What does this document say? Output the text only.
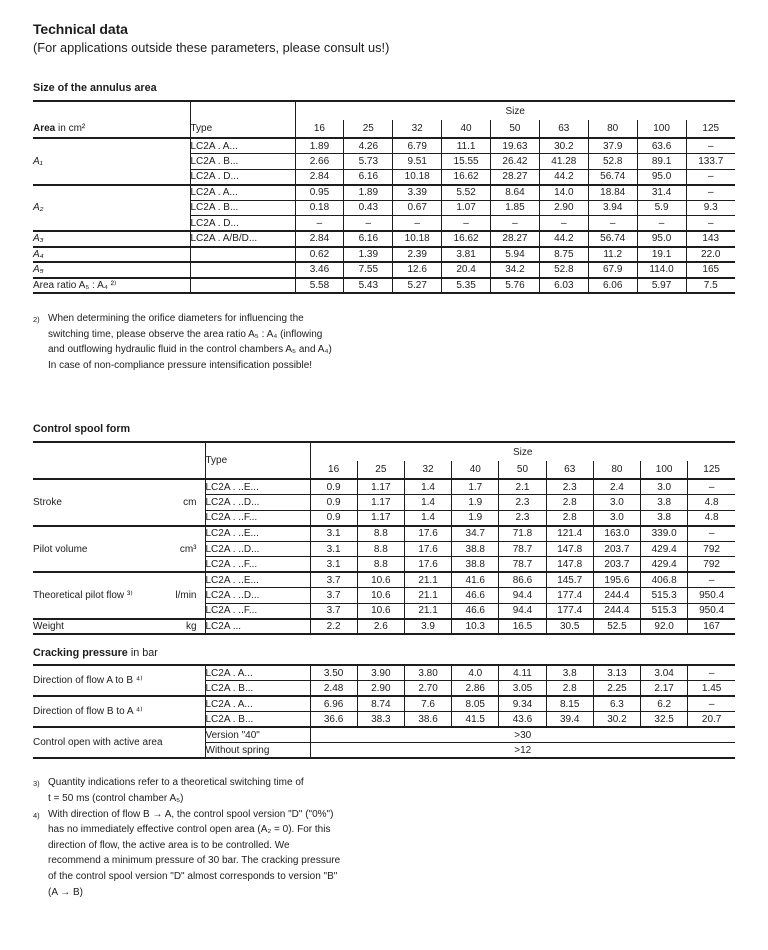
Technical data

(For applications outside these parameters, please consult us!)

Size of the annulus area
		Size								
Area in cm²	Type	16	25	32	40	50	63	80	100	125
A₁	LC2A . A...	1.89	4.26	6.79	11.1	19.63	30.2	37.9	63.6	–
	LC2A . B...	2.66	5.73	9.51	15.55	26.42	41.28	52.8	89.1	133.7
	LC2A . D...	2.84	6.16	10.18	16.62	28.27	44.2	56.74	95.0	–
A₂	LC2A . A...	0.95	1.89	3.39	5.52	8.64	14.0	18.84	31.4	–
	LC2A . B...	0.18	0.43	0.67	1.07	1.85	2.90	3.94	5.9	9.3
	LC2A . D...	–	–	–	–	–	–	–	–	–
A₃	LC2A . A/B/D...	2.84	6.16	10.18	16.62	28.27	44.2	56.74	95.0	143
A₄		0.62	1.39	2.39	3.81	5.94	8.75	11.2	19.1	22.0
A₅		3.46	7.55	12.6	20.4	34.2	52.8	67.9	114.0	165
Area ratio A₅ : A₄ ²⁾		5.58	5.43	5.27	5.35	5.76	6.03	6.06	5.97	7.5
2) When determining the orifice diameters for influencing the
switching time, please observe the area ratio A₅ : A₄ (inflowing
and outflowing hydraulic fluid in the control chambers A₅ and A₄)
In case of non-compliance pressure intensification possible!
Control spool form
	Type	Size								
		16	25	32	40	50	63	80	100	125

Stroke cm	LC2A . ..E...	0.9	1.17	1.4	1.7	2.1	2.3	2.4	3.0	–
	LC2A . ..D...	0.9	1.17	1.4	1.9	2.3	2.8	3.0	3.8	4.8
	LC2A . ..F...	0.9	1.17	1.4	1.9	2.3	2.8	3.0	3.8	4.8

Pilot volume cm³	LC2A . ..E...	3.1	8.8	17.6	34.7	71.8	121.4	163.0	339.0	–
	LC2A . ..D...	3.1	8.8	17.6	38.8	78.7	147.8	203.7	429.4	792
	LC2A . ..F...	3.1	8.8	17.6	38.8	78.7	147.8	203.7	429.4	792

Theoretical pilot flow ³⁾ l/min	LC2A . ..E...	3.7	10.6	21.1	41.6	86.6	145.7	195.6	406.8	–
	LC2A . ..D...	3.7	10.6	21.1	46.6	94.4	177.4	244.4	515.3	950.4
	LC2A . ..F...	3.7	10.6	21.1	46.6	94.4	177.4	244.4	515.3	950.4

Weight kg	LC2A ...	2.2	2.6	3.9	10.3	16.5	30.5	52.5	92.0	167
Cracking pressure in bar
Direction of flow A to B ⁴⁾	LC2A . A...	3.50	3.90	3.80	4.0	4.11	3.8	3.13	3.04	–
	LC2A . B...	2.48	2.90	2.70	2.86	3.05	2.8	2.25	2.17	1.45
Direction of flow B to A ⁴⁾	LC2A . A...	6.96	8.74	7.6	8.05	9.34	8.15	6.3	6.2	–
	LC2A . B...	36.6	38.3	38.6	41.5	43.6	39.4	30.2	32.5	20.7
Control open with active area	Version "40"	>30								
	Without spring	>12								
3) Quantity indications refer to a theoretical switching time of
t = 50 ms (control chamber A₅)
4) With direction of flow B → A, the control spool version "D" ("0%")
has no immediately effective control open area (A₂ = 0). For this
direction of flow, the active area is to be controlled. We
recommend a minimum pressure of 30 bar. The cracking pressure
of the control spool version "D" almost corresponds to version "B"
(A → B)
